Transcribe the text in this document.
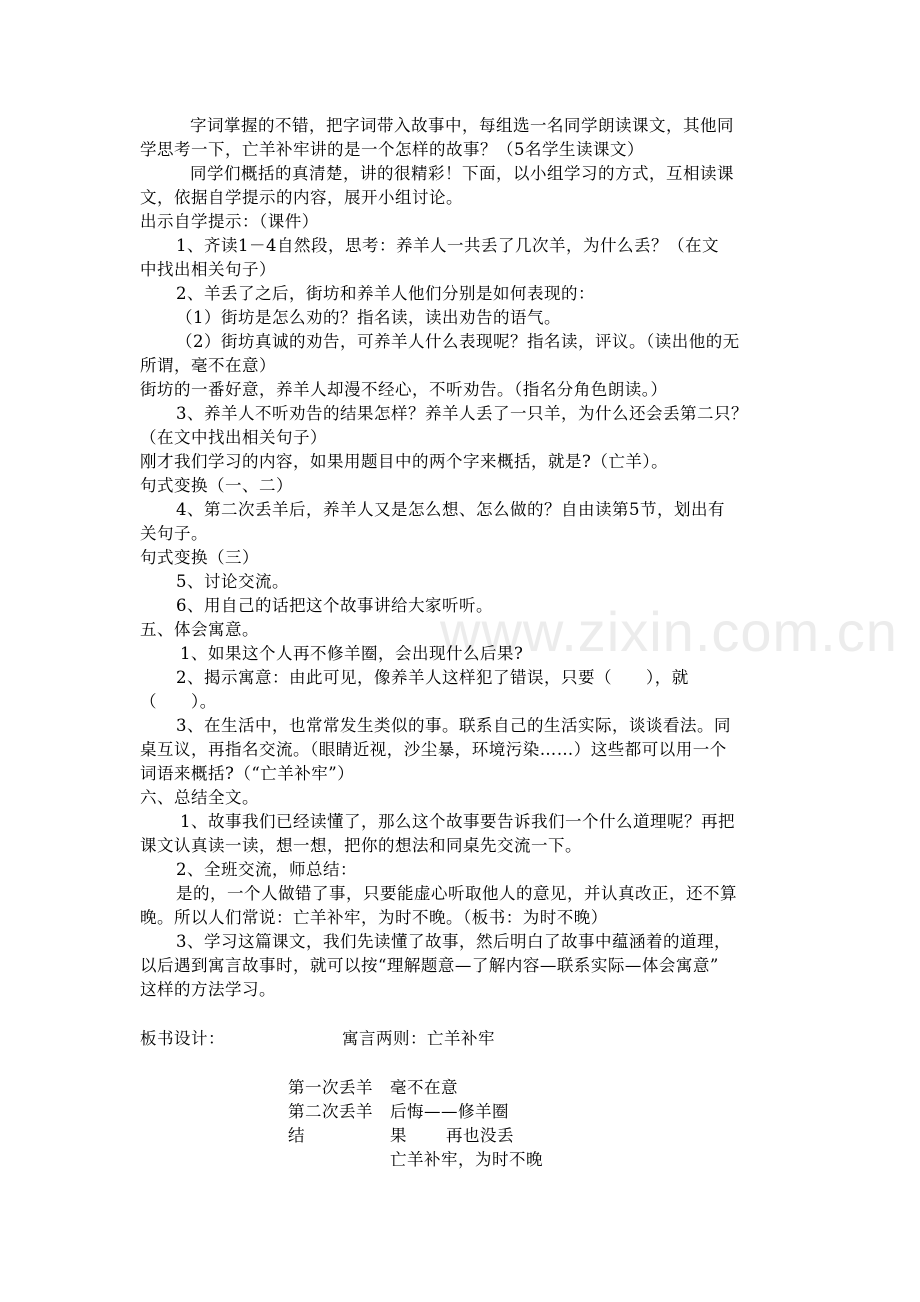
www.zixin.com.cn
字词掌握的不错，把字词带入故事中，每组选一名同学朗读课文，其他同
学思考一下，亡羊补牢讲的是一个怎样的故事？（5名学生读课文）
同学们概括的真清楚，讲的很精彩！下面，以小组学习的方式，互相读课
文，依据自学提示的内容，展开小组讨论。
出示自学提示：（课件）
1、齐读1－4自然段，思考：养羊人一共丢了几次羊，为什么丢？（在文
中找出相关句子）
2、羊丢了之后，街坊和养羊人他们分别是如何表现的：
（1）街坊是怎么劝的？指名读，读出劝告的语气。
（2）街坊真诚的劝告，可养羊人什么表现呢？指名读，评议。（读出他的无
所谓，毫不在意）
街坊的一番好意，养羊人却漫不经心，不听劝告。（指名分角色朗读。）
3、养羊人不听劝告的结果怎样？养羊人丢了一只羊，为什么还会丢第二只？
（在文中找出相关句子）
刚才我们学习的内容，如果用题目中的两个字来概括，就是?（亡羊）。
句式变换（一、二）
4、第二次丢羊后，养羊人又是怎么想、怎么做的？自由读第5节，划出有
关句子。
句式变换（三）
5、讨论交流。
6、用自己的话把这个故事讲给大家听听。
五、体会寓意。
1、如果这个人再不修羊圈，会出现什么后果?
2、揭示寓意：由此可见，像养羊人这样犯了错误，只要（　　），就
（　　）。
3、在生活中，也常常发生类似的事。联系自己的生活实际，谈谈看法。同
桌互议，再指名交流。（眼睛近视，沙尘暴，环境污染……）这些都可以用一个
词语来概括?（“亡羊补牢”）
六、总结全文。
1、故事我们已经读懂了，那么这个故事要告诉我们一个什么道理呢？再把
课文认真读一读，想一想，把你的想法和同桌先交流一下。
2、全班交流，师总结：
是的，一个人做错了事，只要能虚心听取他人的意见，并认真改正，还不算
晚。所以人们常说：亡羊补牢，为时不晚。（板书：为时不晚）
3、学习这篇课文，我们先读懂了故事，然后明白了故事中蕴涵着的道理，
以后遇到寓言故事时，就可以按“理解题意—了解内容—联系实际—体会寓意”
这样的方法学习。
板书设计：	寓言两则：亡羊补牢
第一次丢羊 毫不在意
第二次丢羊 后悔——修羊圈
结	果 再也没丢
亡羊补牢，为时不晚
